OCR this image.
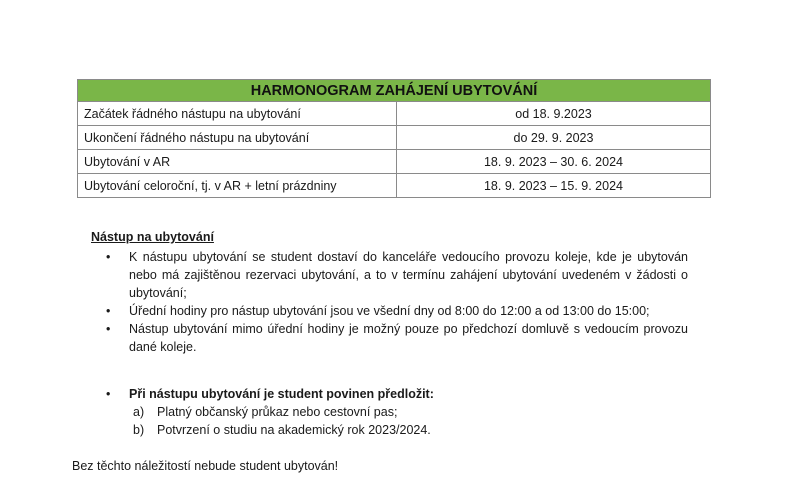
HARMONOGRAM ZAHÁJENÍ UBYTOVÁNÍ	
Začátek řádného nástupu na ubytování	od 18. 9.2023
Ukončení řádného nástupu na ubytování	do 29. 9. 2023
Ubytování v AR	18. 9. 2023 – 30. 6. 2024
Ubytování celoroční, tj. v AR + letní prázdniny	18. 9. 2023 – 15. 9. 2024
Nástup na ubytování
• K nástupu ubytování se student dostaví do kanceláře vedoucího provozu koleje, kde je ubytován nebo má zajištěnou rezervaci ubytování, a to v termínu zahájení ubytování uvedeném v žádosti o ubytování;
• Úřední hodiny pro nástup ubytování jsou ve všední dny od 8:00 do 12:00 a od 13:00 do 15:00;
• Nástup ubytování mimo úřední hodiny je možný pouze po předchozí domluvě s vedoucím provozu dané koleje.
• Při nástupu ubytování je student povinen předložit:
a) Platný občanský průkaz nebo cestovní pas;
b) Potvrzení o studiu na akademický rok 2023/2024.
Bez těchto náležitostí nebude student ubytován!
